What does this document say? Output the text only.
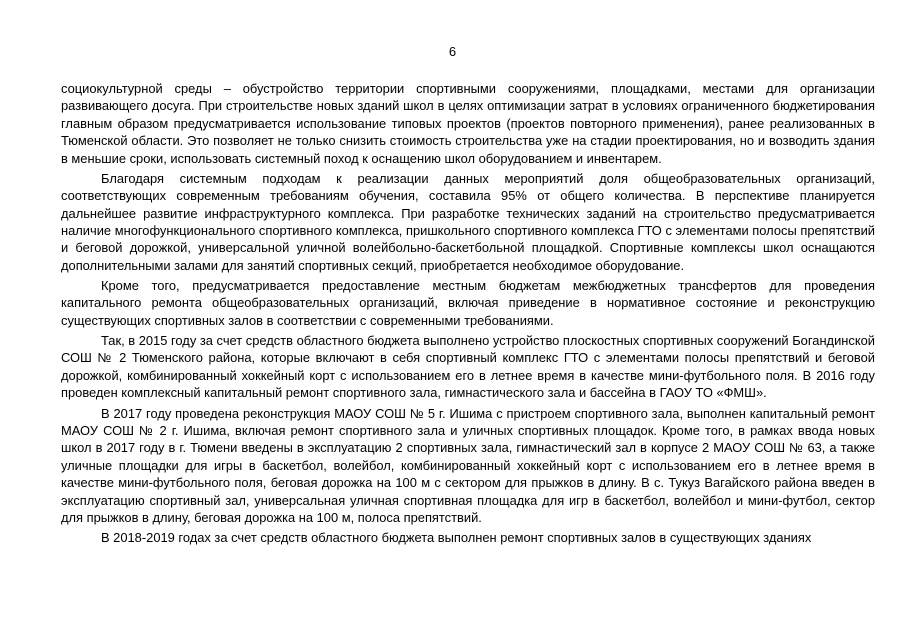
6

социокультурной среды – обустройство территории спортивными сооружениями, площадками, местами для организации развивающего досуга. При строительстве новых зданий школ в целях оптимизации затрат в условиях ограниченного бюджетирования главным образом предусматривается использование типовых проектов (проектов повторного применения), ранее реализованных в Тюменской области. Это позволяет не только снизить стоимость строительства уже на стадии проектирования, но и возводить здания в меньшие сроки, использовать системный поход к оснащению школ оборудованием и инвентарем.

Благодаря системным подходам к реализации данных мероприятий доля общеобразовательных организаций, соответствующих современным требованиям обучения, составила 95% от общего количества. В перспективе планируется дальнейшее развитие инфраструктурного комплекса. При разработке технических заданий на строительство предусматривается наличие многофункционального спортивного комплекса, пришкольного спортивного комплекса ГТО с элементами полосы препятствий и беговой дорожкой, универсальной уличной волейбольно-баскетбольной площадкой. Спортивные комплексы школ оснащаются дополнительными залами для занятий спортивных секций, приобретается необходимое оборудование.

Кроме того, предусматривается предоставление местным бюджетам межбюджетных трансфертов для проведения капитального ремонта общеобразовательных организаций, включая приведение в нормативное состояние и реконструкцию существующих спортивных залов в соответствии с современными требованиями.

Так, в 2015 году за счет средств областного бюджета выполнено устройство плоскостных спортивных сооружений Богандинской СОШ № 2 Тюменского района, которые включают в себя спортивный комплекс ГТО с элементами полосы препятствий и беговой дорожкой, комбинированный хоккейный корт с использованием его в летнее время в качестве мини-футбольного поля. В 2016 году проведен комплексный капитальный ремонт спортивного зала, гимнастического зала и бассейна в ГАОУ ТО «ФМШ».

В 2017 году проведена реконструкция МАОУ СОШ № 5 г. Ишима с пристроем спортивного зала, выполнен капитальный ремонт МАОУ СОШ № 2 г. Ишима, включая ремонт спортивного зала и уличных спортивных площадок. Кроме того, в рамках ввода новых школ в 2017 году в г. Тюмени введены в эксплуатацию 2 спортивных зала, гимнастический зал в корпусе 2 МАОУ СОШ № 63, а также уличные площадки для игры в баскетбол, волейбол, комбинированный хоккейный корт с использованием его в летнее время в качестве мини-футбольного поля, беговая дорожка на 100 м с сектором для прыжков в длину. В с. Тукуз Вагайского района введен в эксплуатацию спортивный зал, универсальная уличная спортивная площадка для игр в баскетбол, волейбол и мини-футбол, сектор для прыжков в длину, беговая дорожка на 100 м, полоса препятствий.

В 2018-2019 годах за счет средств областного бюджета выполнен ремонт спортивных залов в существующих зданиях
